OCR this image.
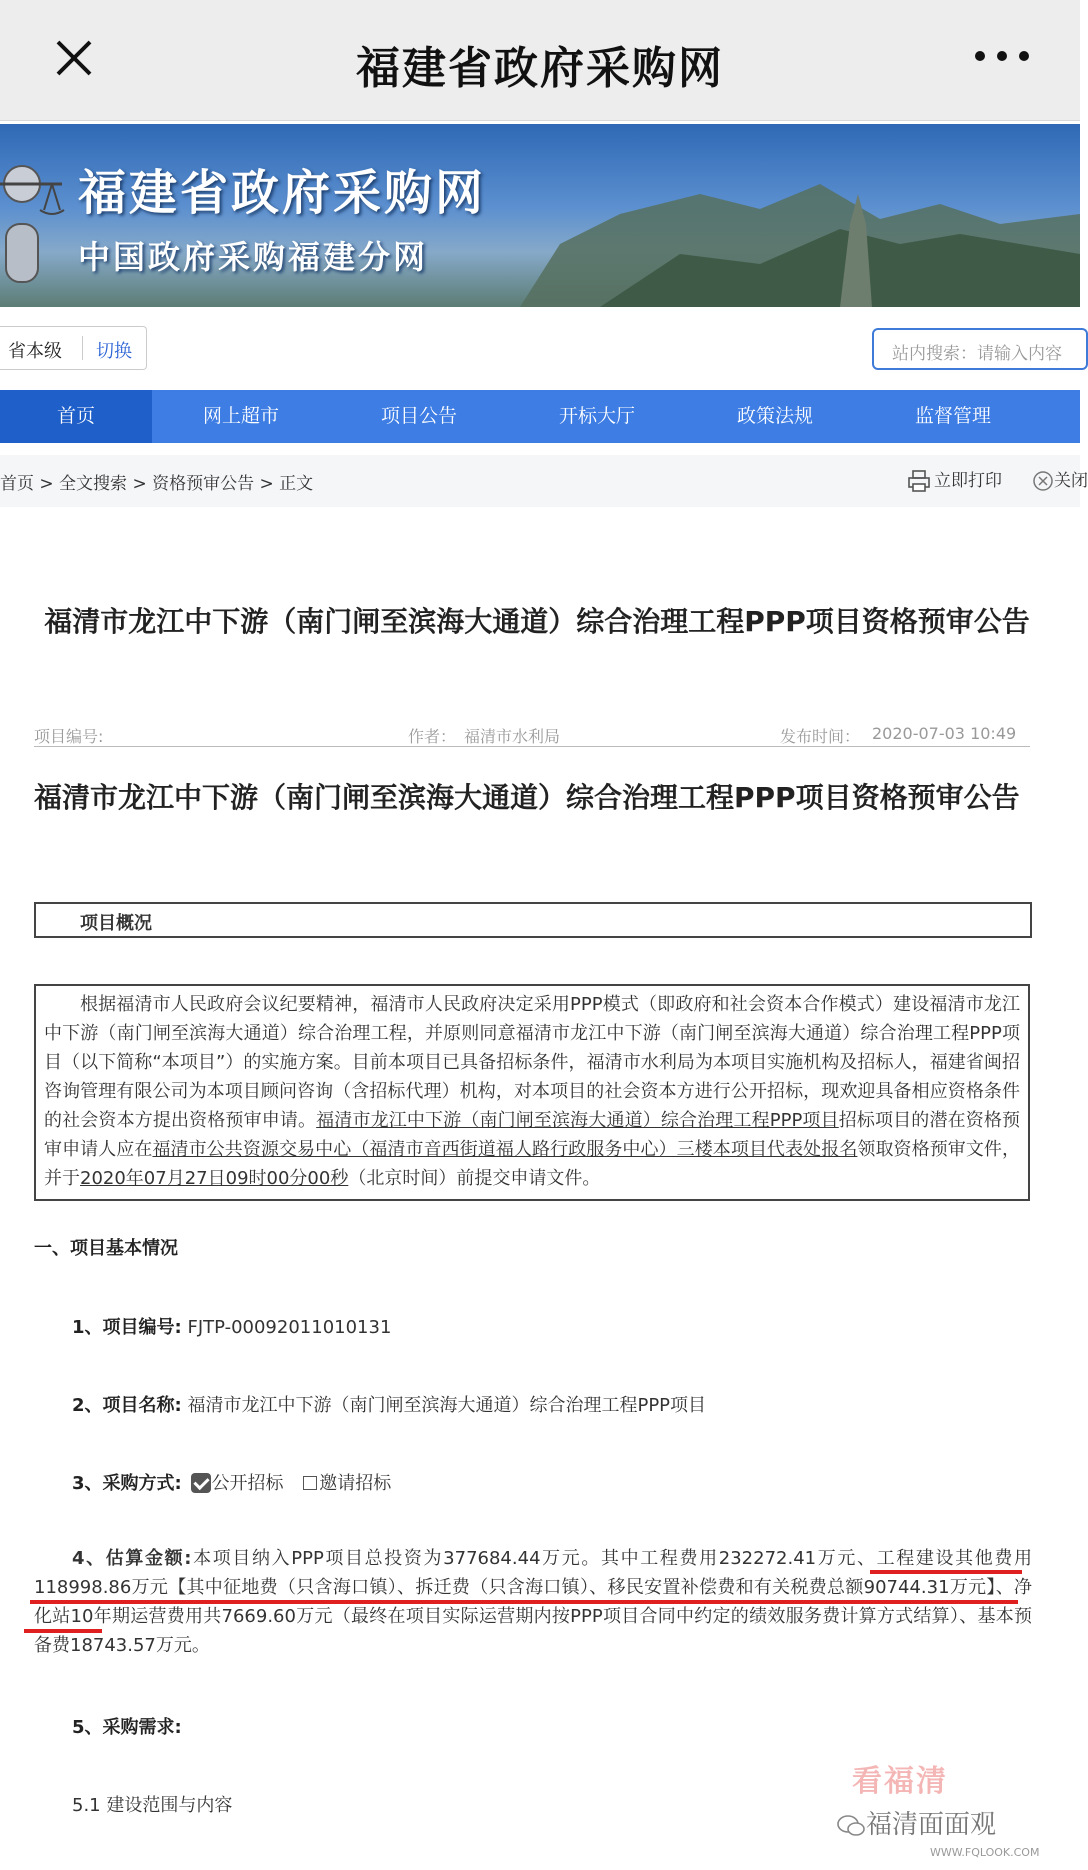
福建省政府采购网
福建省政府采购网
中国政府采购福建分网
省本级 切换	站内搜索：请输入内容
首页	网上超市	项目公告	开标大厅	政策法规	监督管理
首页 > 全文搜索 > 资格预审公告 > 正文	立即打印	关闭
福清市龙江中下游（南门闸至滨海大通道）综合治理工程PPP项目资格预审公告
项目编号:	作者： 福清市水利局	发布时间： 2020-07-03 10:49
福清市龙江中下游（南门闸至滨海大通道）综合治理工程PPP项目资格预审公告
项目概况
根据福清市人民政府会议纪要精神，福清市人民政府决定采用PPP模式（即政府和社会资本合作模式）建设福清市龙江中下游（南门闸至滨海大通道）综合治理工程，并原则同意福清市龙江中下游（南门闸至滨海大通道）综合治理工程PPP项目（以下简称“本项目”）的实施方案。目前本项目已具备招标条件，福清市水利局为本项目实施机构及招标人，福建省闽招咨询管理有限公司为本项目顾问咨询（含招标代理）机构，对本项目的社会资本方进行公开招标，现欢迎具备相应资格条件的社会资本方提出资格预审申请。福清市龙江中下游（南门闸至滨海大通道）综合治理工程PPP项目招标项目的潜在资格预审申请人应在福清市公共资源交易中心（福清市音西街道福人路行政服务中心）三楼本项目代表处报名领取资格预审文件，并于2020年07月27日09时00分00秒（北京时间）前提交申请文件。
一、项目基本情况
1、项目编号: FJTP-00092011010131
2、项目名称: 福清市龙江中下游（南门闸至滨海大通道）综合治理工程PPP项目
3、采购方式: 公开招标 邀请招标
4、估算金额:本项目纳入PPP项目总投资为377684.44万元。其中工程费用232272.41万元、工程建设其他费用118998.86万元【其中征地费（只含海口镇）、拆迁费（只含海口镇）、移民安置补偿费和有关税费总额90744.31万元】、净化站10年期运营费用共7669.60万元（最终在项目实际运营期内按PPP项目合同中约定的绩效服务费计算方式结算）、基本预备费18743.57万元。
5、采购需求:
5.1 建设范围与内容
看福清
福清面面观
WWW.FQLOOK.COM
